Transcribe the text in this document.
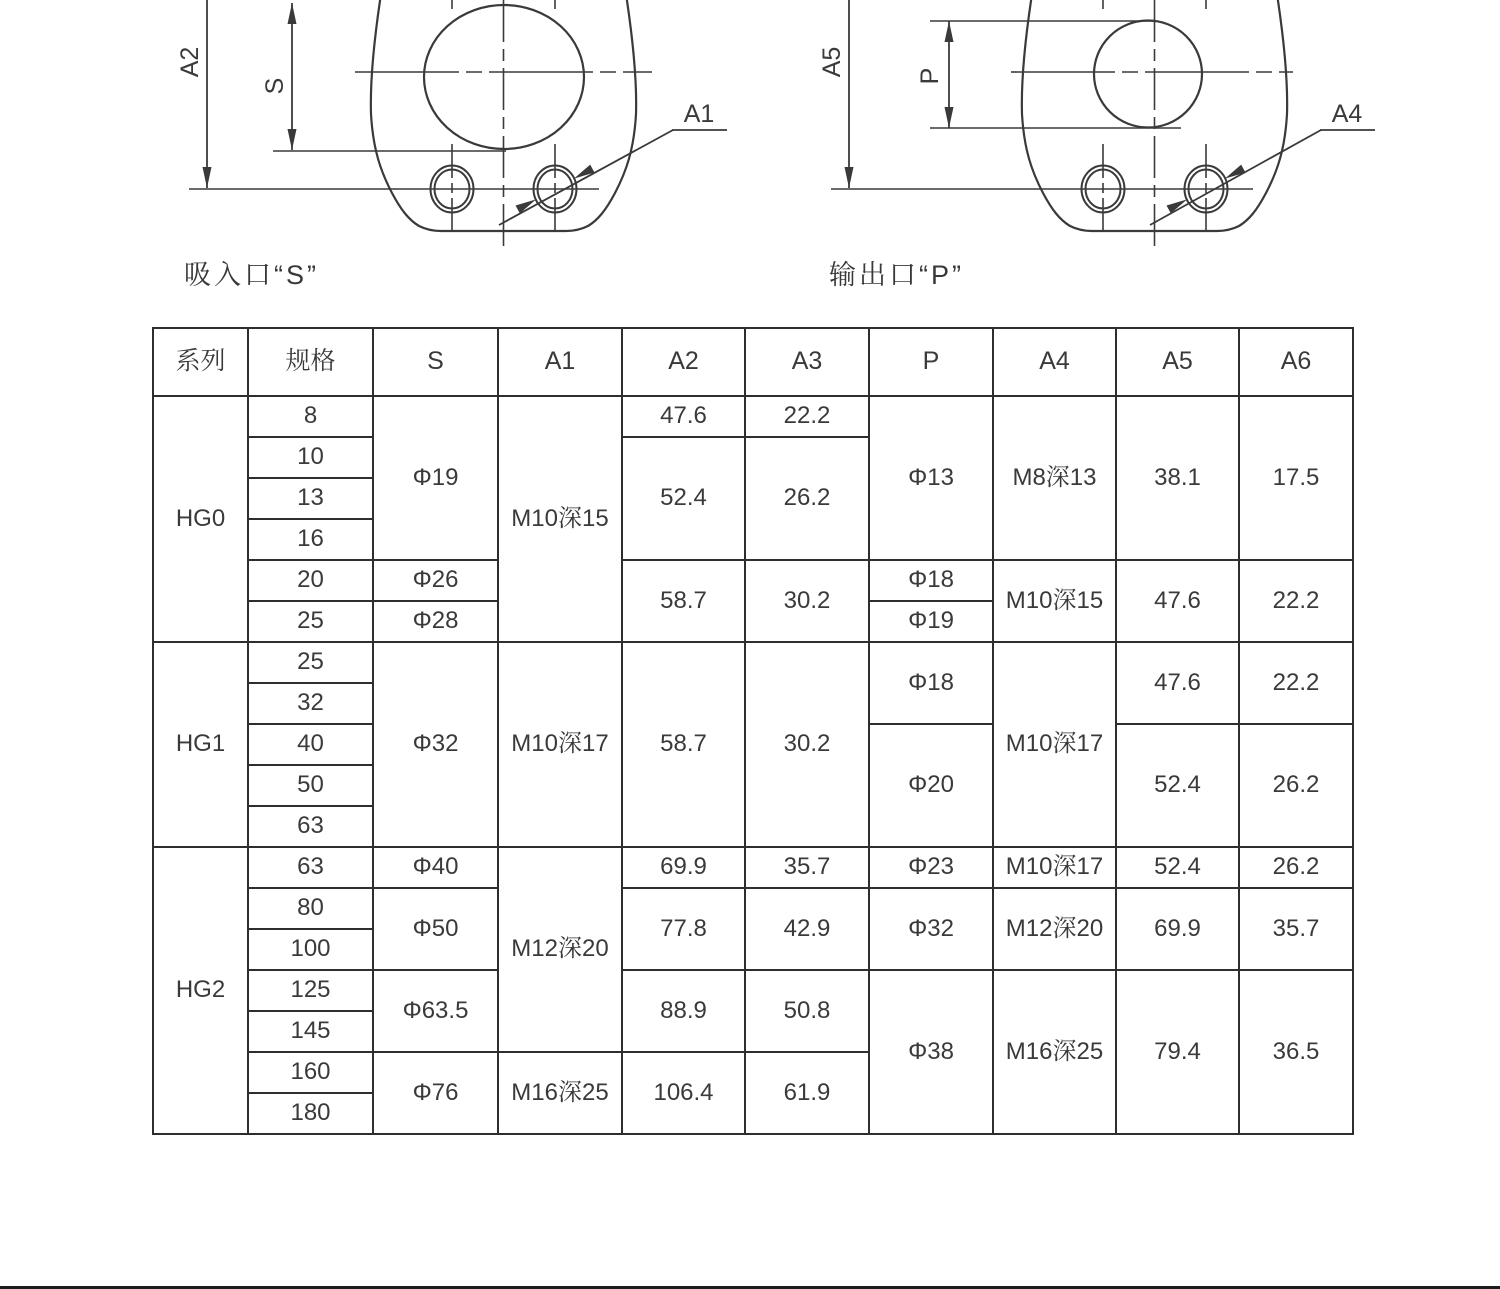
A2
S
A1
A5	P
A4
吸入口“S”	输出口“P”
系列	规格	S	A1	A2	A3	P	A4	A5	A6
HG0	8	Φ19	M10深15	47.6	22.2	Φ13	M8深13	38.1	17.5
	10			52.4	26.2				
	13								
	16								
	20	Φ26		58.7	30.2	Φ18	M10深15	47.6	22.2
	25	Φ28				Φ19			
HG1	25	Φ32	M10深17	58.7	30.2	Φ18	M10深17	47.6	22.2
	32								
	40					Φ20		52.4	26.2
	50								
	63								
HG2	63	Φ40	M12深20	69.9	35.7	Φ23	M10深17	52.4	26.2
	80	Φ50		77.8	42.9	Φ32	M12深20	69.9	35.7
	100								
	125	Φ63.5		88.9	50.8	Φ38	M16深25	79.4	36.5
	145								
	160	Φ76	M16深25	106.4	61.9				
	180								
